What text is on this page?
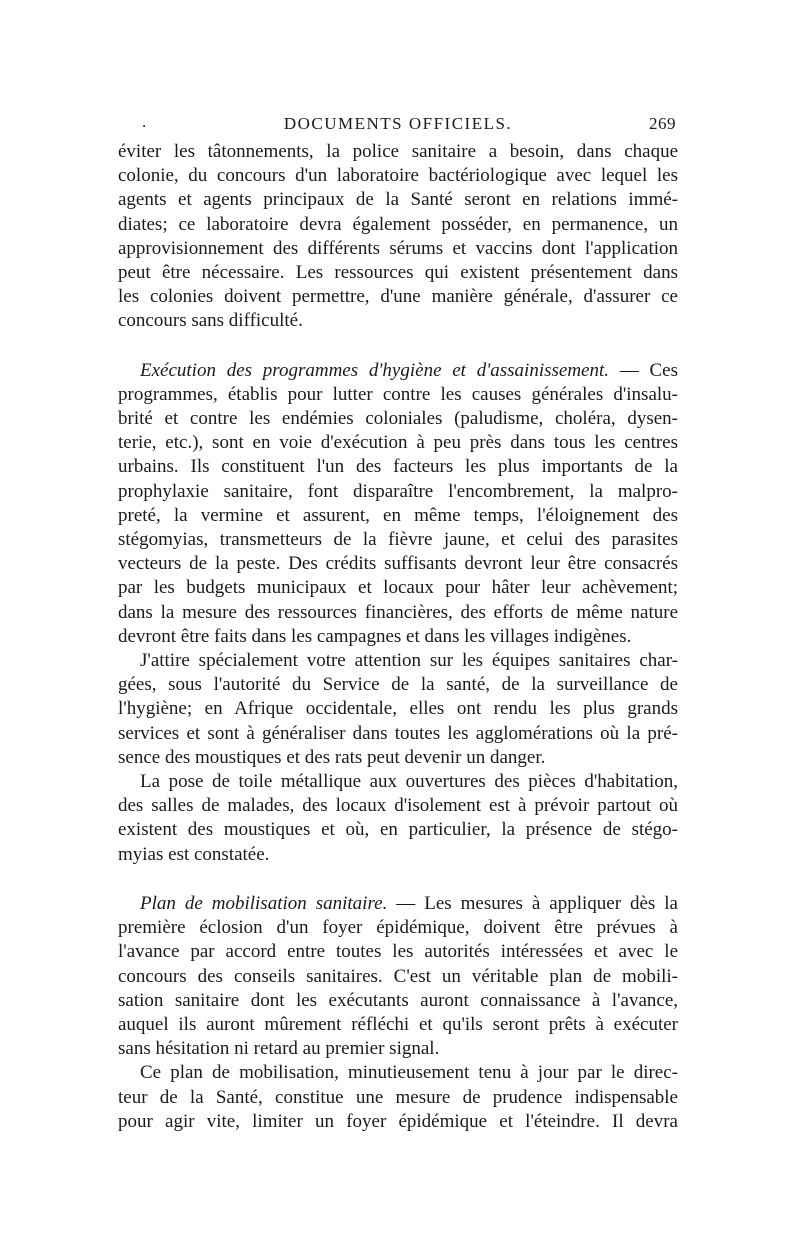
.	DOCUMENTS OFFICIELS.	269

éviter les tâtonnements, la police sanitaire a besoin, dans chaque
colonie, du concours d'un laboratoire bactériologique avec lequel les
agents et agents principaux de la Santé seront en relations immé-
diates; ce laboratoire devra également posséder, en permanence, un
approvisionnement des différents sérums et vaccins dont l'application
peut être nécessaire. Les ressources qui existent présentement dans
les colonies doivent permettre, d'une manière générale, d'assurer ce
concours sans difficulté.

Exécution des programmes d'hygiène et d'assainissement. — Ces
programmes, établis pour lutter contre les causes générales d'insalu-
brité et contre les endémies coloniales (paludisme, choléra, dysen-
terie, etc.), sont en voie d'exécution à peu près dans tous les centres
urbains. Ils constituent l'un des facteurs les plus importants de la
prophylaxie sanitaire, font disparaître l'encombrement, la malpro-
preté, la vermine et assurent, en même temps, l'éloignement des
stégomyias, transmetteurs de la fièvre jaune, et celui des parasites
vecteurs de la peste. Des crédits suffisants devront leur être consacrés
par les budgets municipaux et locaux pour hâter leur achèvement;
dans la mesure des ressources financières, des efforts de même nature
devront être faits dans les campagnes et dans les villages indigènes.

J'attire spécialement votre attention sur les équipes sanitaires char-
gées, sous l'autorité du Service de la santé, de la surveillance de
l'hygiène; en Afrique occidentale, elles ont rendu les plus grands
services et sont à généraliser dans toutes les agglomérations où la pré-
sence des moustiques et des rats peut devenir un danger.

La pose de toile métallique aux ouvertures des pièces d'habitation,
des salles de malades, des locaux d'isolement est à prévoir partout où
existent des moustiques et où, en particulier, la présence de stégo-
myias est constatée.

Plan de mobilisation sanitaire. — Les mesures à appliquer dès la
première éclosion d'un foyer épidémique, doivent être prévues à
l'avance par accord entre toutes les autorités intéressées et avec le
concours des conseils sanitaires. C'est un véritable plan de mobili-
sation sanitaire dont les exécutants auront connaissance à l'avance,
auquel ils auront mûrement réfléchi et qu'ils seront prêts à exécuter
sans hésitation ni retard au premier signal.

Ce plan de mobilisation, minutieusement tenu à jour par le direc-
teur de la Santé, constitue une mesure de prudence indispensable
pour agir vite, limiter un foyer épidémique et l'éteindre. Il devra
